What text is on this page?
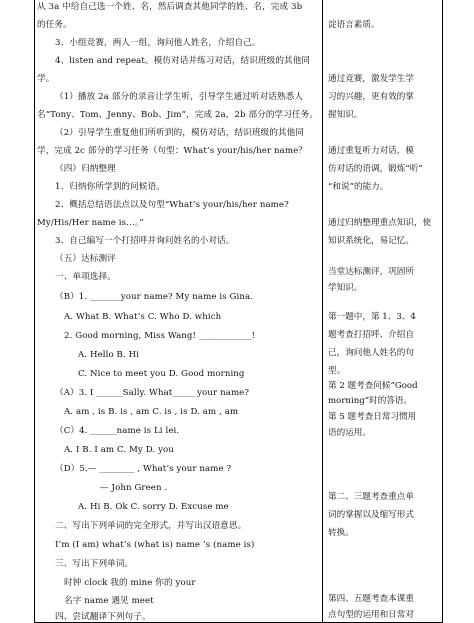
从 3a 中给自己选一个姓、名，然后调查其他同学的姓、名，完成 3b
的任务。
3、小组竞赛，两人一组，询问他人姓名，介绍自己。
4、listen and repeat。模仿对话并练习对话，结识班级的其他同
学。
（1）播放 2a 部分的录音让学生听，引导学生通过听对话熟悉人
名“Tony、Tom、Jenny、Bob、Jim”，完成 2a，2b 部分的学习任务。
（2）引导学生重复他们所听到的，模仿对话，结识班级的其他同
学，完成 2c 部分的学习任务（句型：What’s your/his/her name？
（四）归纳整理
1、归纳你所学到的问候语。
2、概括总结语法点以及句型“What’s your/his/her name?
My/His/Her name is…。”
3、自己编写一个打招呼并询问姓名的小对话。
（五）达标测评
一、单项选择。
（B）1. _______your name? My name is Gina.
A. What B. What’s C. Who D. which
2. Good morning, Miss Wang! ____________!
A. Hello B. Hi
C. Nice to meet you D. Good morning
（A）3. I ______Sally. What_____ your name?
A. am , is B. is , am C. is , is D. am , am
（C）4. ______name is Li lei.
A. I B. I am C. My D. you
（D）5.— ________ , What’s your name ?
— John Green .
A. Hi B. Ok C. sorry D. Excuse me
二、写出下列单词的完全形式，并写出汉语意思。
I’m (I am) what’s (what is) name ’s (name is)
三、写出下列单词。
时钟 clock 我的 mine 你的 your
名字 name 遇见 meet
四、尝试翻译下列句子。
淀语言素质。
通过竞赛，激发学生学
习的兴趣，更有效的掌
握知识。
通过重复听力对话，模
仿对话的语调，锻炼“听”
“和说”的能力。
通过归纳整理重点知识，使
知识系统化，易记忆。
当堂达标测评，巩固所
学知识。
第一题中，第 1、3、4
题考查打招呼、介绍自
己，询问他人姓名的句
型。
第 2 题考查问候“Good
morning”时的答语。
第 5 题考查日常习惯用
语的运用。
第二、三题考查重点单
词的掌握以及缩写形式
转换。
第四、五题考查本课重
点句型的运用和日常对
